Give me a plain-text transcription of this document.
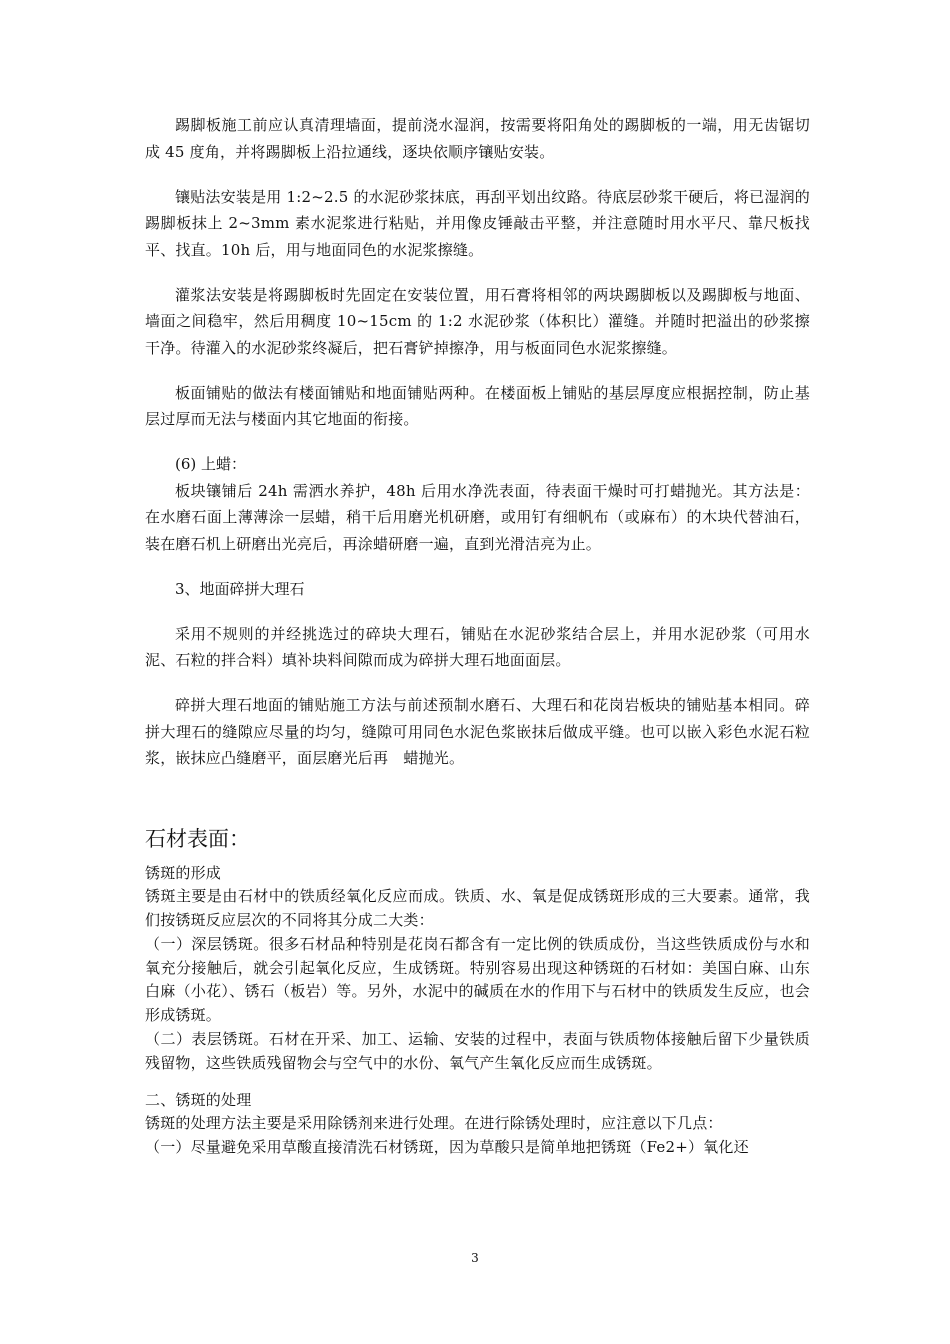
踢脚板施工前应认真清理墙面，提前浇水湿润，按需要将阳角处的踢脚板的一端，用无齿锯切成 45 度角，并将踢脚板上沿拉通线，逐块依顺序镶贴安装。

镶贴法安装是用 1:2~2.5 的水泥砂浆抹底，再刮平划出纹路。待底层砂浆干硬后，将已湿润的踢脚板抹上 2~3mm 素水泥浆进行粘贴，并用像皮锤敲击平整，并注意随时用水平尺、靠尺板找平、找直。10h 后，用与地面同色的水泥浆擦缝。

灌浆法安装是将踢脚板时先固定在安装位置，用石膏将相邻的两块踢脚板以及踢脚板与地面、墙面之间稳牢，然后用稠度 10~15cm 的 1:2 水泥砂浆（体积比）灌缝。并随时把溢出的砂浆擦干净。待灌入的水泥砂浆终凝后，把石膏铲掉擦净，用与板面同色水泥浆擦缝。

板面铺贴的做法有楼面铺贴和地面铺贴两种。在楼面板上铺贴的基层厚度应根据控制，防止基层过厚而无法与楼面内其它地面的衔接。

(6) 上蜡：

板块镶铺后 24h 需洒水养护，48h 后用水净洗表面，待表面干燥时可打蜡抛光。其方法是：在水磨石面上薄薄涂一层蜡，稍干后用磨光机研磨，或用钉有细帆布（或麻布）的木块代替油石，装在磨石机上研磨出光亮后，再涂蜡研磨一遍，直到光滑洁亮为止。

3、地面碎拼大理石

采用不规则的并经挑选过的碎块大理石，铺贴在水泥砂浆结合层上，并用水泥砂浆（可用水泥、石粒的拌合料）填补块料间隙而成为碎拼大理石地面面层。

碎拼大理石地面的铺贴施工方法与前述预制水磨石、大理石和花岗岩板块的铺贴基本相同。碎拼大理石的缝隙应尽量的均匀，缝隙可用同色水泥色浆嵌抹后做成平缝。也可以嵌入彩色水泥石粒浆，嵌抹应凸缝磨平，面层磨光后再　蜡抛光。

石材表面：

锈斑的形成

锈斑主要是由石材中的铁质经氧化反应而成。铁质、水、氧是促成锈斑形成的三大要素。通常，我们按锈斑反应层次的不同将其分成二大类：

（一）深层锈斑。很多石材品种特别是花岗石都含有一定比例的铁质成份，当这些铁质成份与水和氧充分接触后，就会引起氧化反应，生成锈斑。特别容易出现这种锈斑的石材如：美国白麻、山东白麻（小花）、锈石（板岩）等。另外，水泥中的碱质在水的作用下与石材中的铁质发生反应，也会形成锈斑。

（二）表层锈斑。石材在开采、加工、运输、安装的过程中，表面与铁质物体接触后留下少量铁质残留物，这些铁质残留物会与空气中的水份、氧气产生氧化反应而生成锈斑。

二、锈斑的处理

锈斑的处理方法主要是采用除锈剂来进行处理。在进行除锈处理时，应注意以下几点：

（一）尽量避免采用草酸直接清洗石材锈斑，因为草酸只是简单地把锈斑（Fe2+）氧化还

3
